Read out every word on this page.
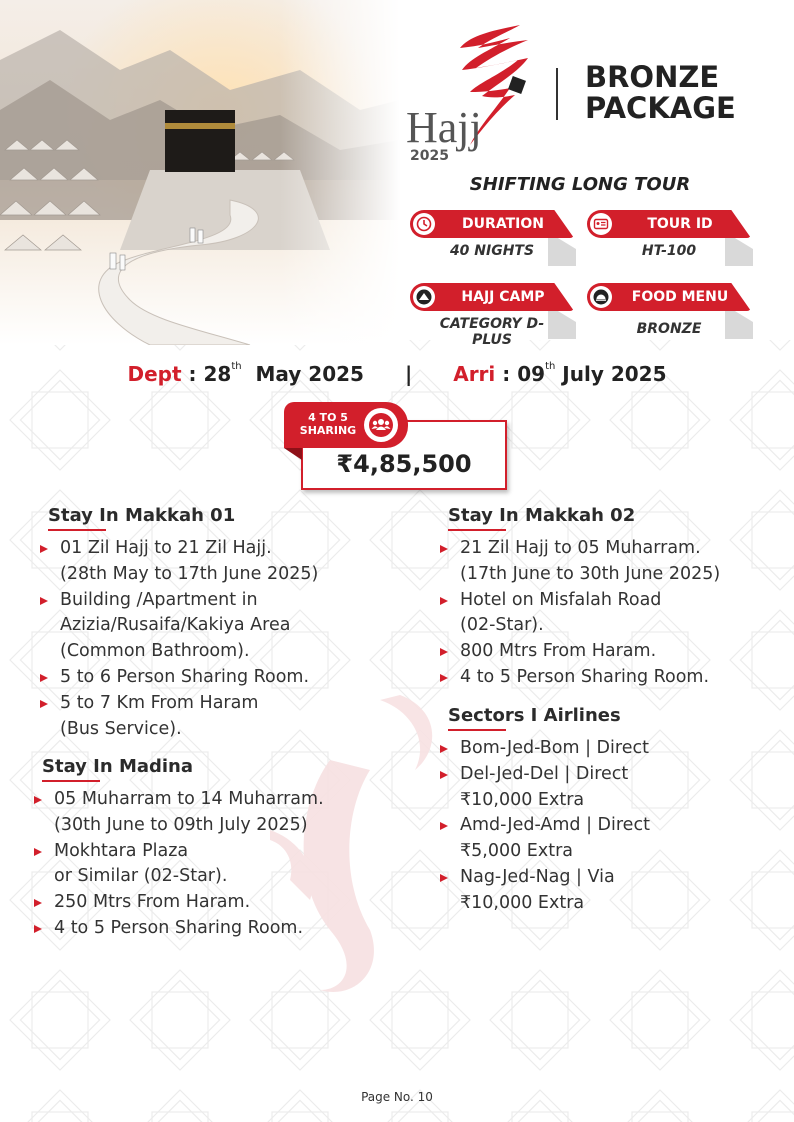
Hajj
2025
BRONZE
PACKAGE
SHIFTING LONG TOUR
DURATION
40 NIGHTS
TOUR ID
HT-100
HAJJ CAMP
CATEGORY D-PLUS
FOOD MENU
BRONZE
Dept : 28th May 2025 | Arri : 09th July 2025
₹4,85,500
4 TO 5
SHARING
Stay In Makkah 01
01 Zil Hajj to 21 Zil Hajj.
(28th May to 17th June 2025)
Building /Apartment in
Azizia/Rusaifa/Kakiya Area
(Common Bathroom).
5 to 6 Person Sharing Room.
5 to 7 Km From Haram
(Bus Service).
Stay In Madina
05 Muharram to 14 Muharram.
(30th June to 09th July 2025)
Mokhtara Plaza
or Similar (02-Star).
250 Mtrs From Haram.
4 to 5 Person Sharing Room.
Stay In Makkah 02
21 Zil Hajj to 05 Muharram.
(17th June to 30th June 2025)
Hotel on Misfalah Road
(02-Star).
800 Mtrs From Haram.
4 to 5 Person Sharing Room.
Sectors I Airlines
Bom-Jed-Bom | Direct
Del-Jed-Del | Direct
₹10,000 Extra
Amd-Jed-Amd | Direct
₹5,000 Extra
Nag-Jed-Nag | Via
₹10,000 Extra
Page No. 10
